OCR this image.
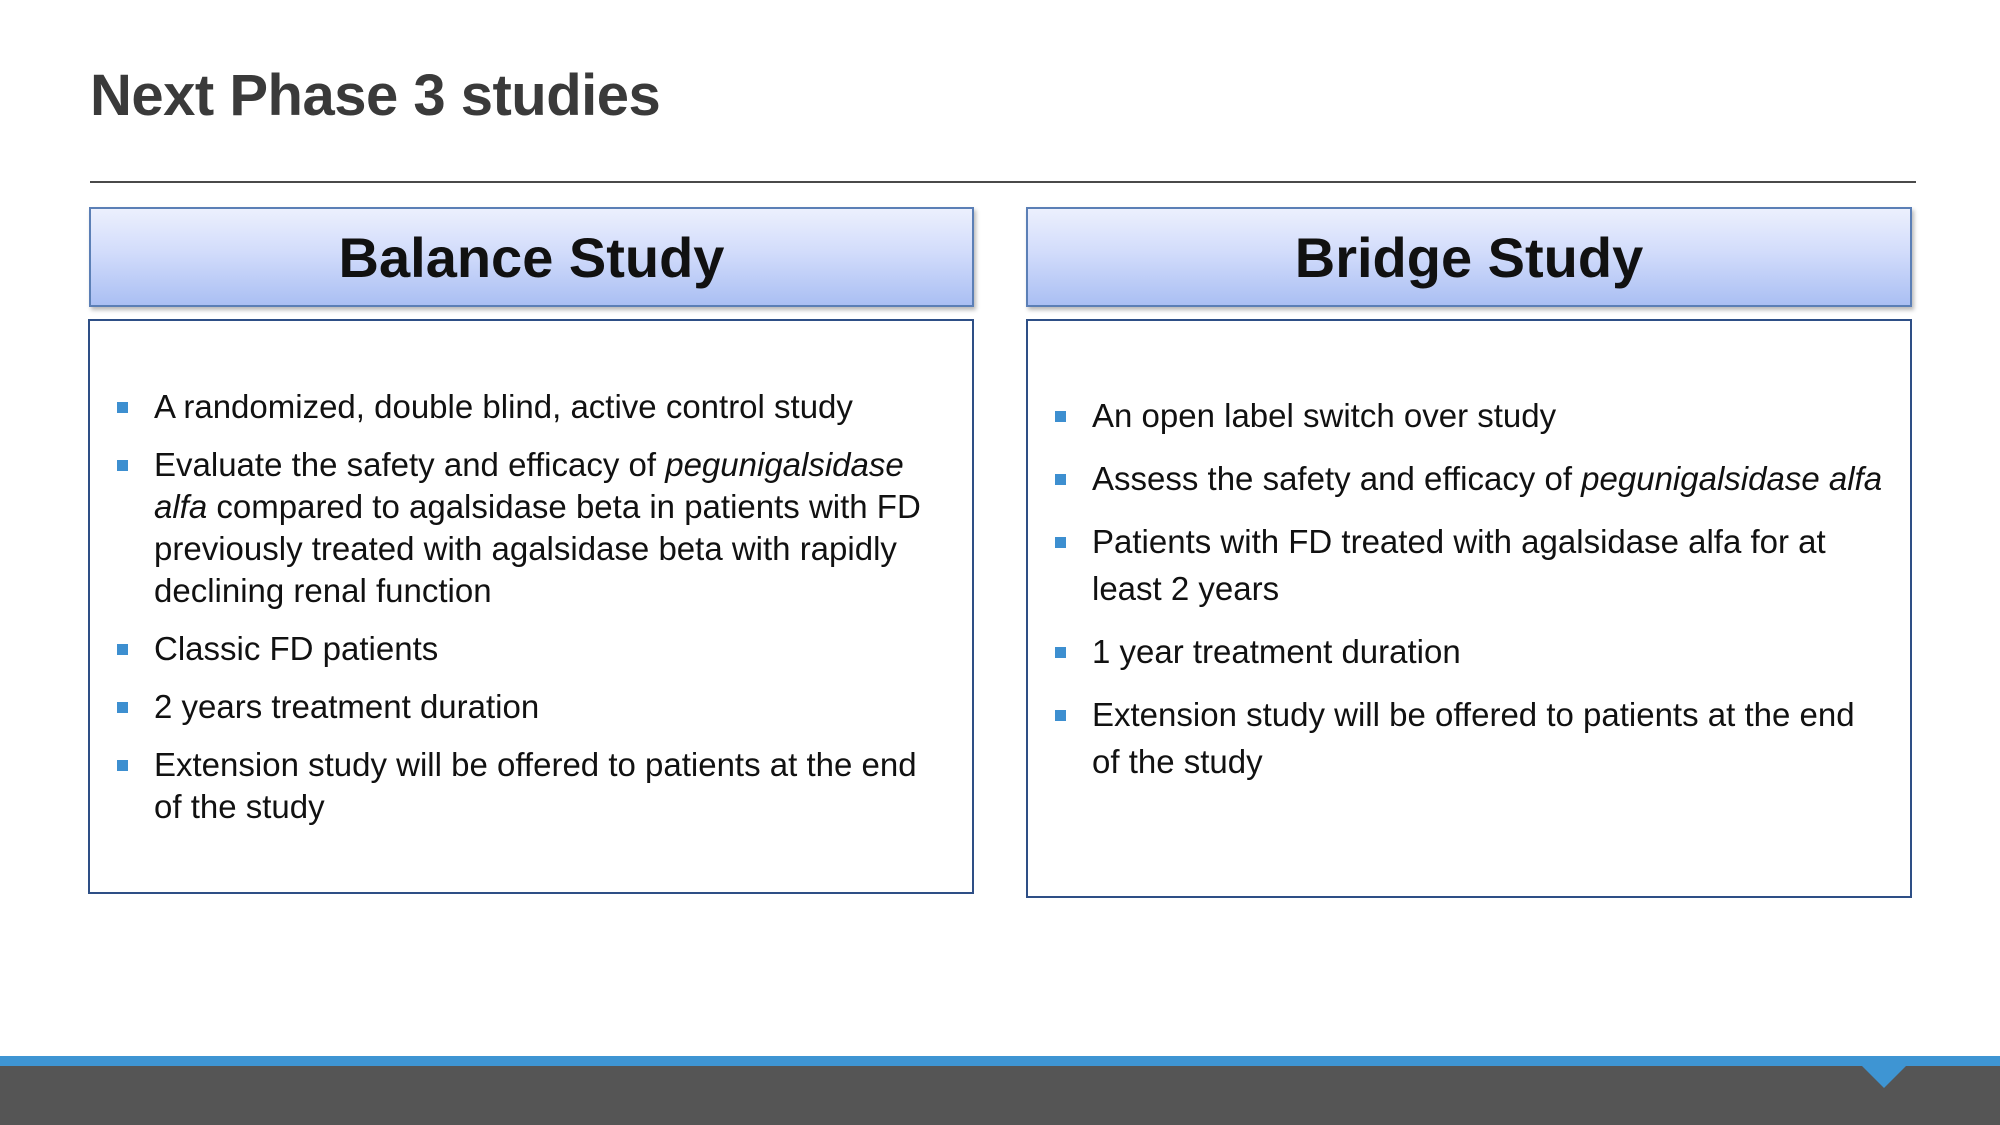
Next Phase 3 studies
Balance Study
A randomized, double blind, active control study
Evaluate the safety and efficacy of pegunigalsidase alfa compared to agalsidase beta in patients with FD previously treated with agalsidase beta with rapidly declining renal function
Classic FD patients
2 years treatment duration
Extension study will be offered to patients at the end of the study
Bridge Study
An open label switch over study
Assess the safety and efficacy of pegunigalsidase alfa
Patients with FD treated with agalsidase alfa for at least 2 years
1 year treatment duration
Extension study will be offered to patients at the end of the study
